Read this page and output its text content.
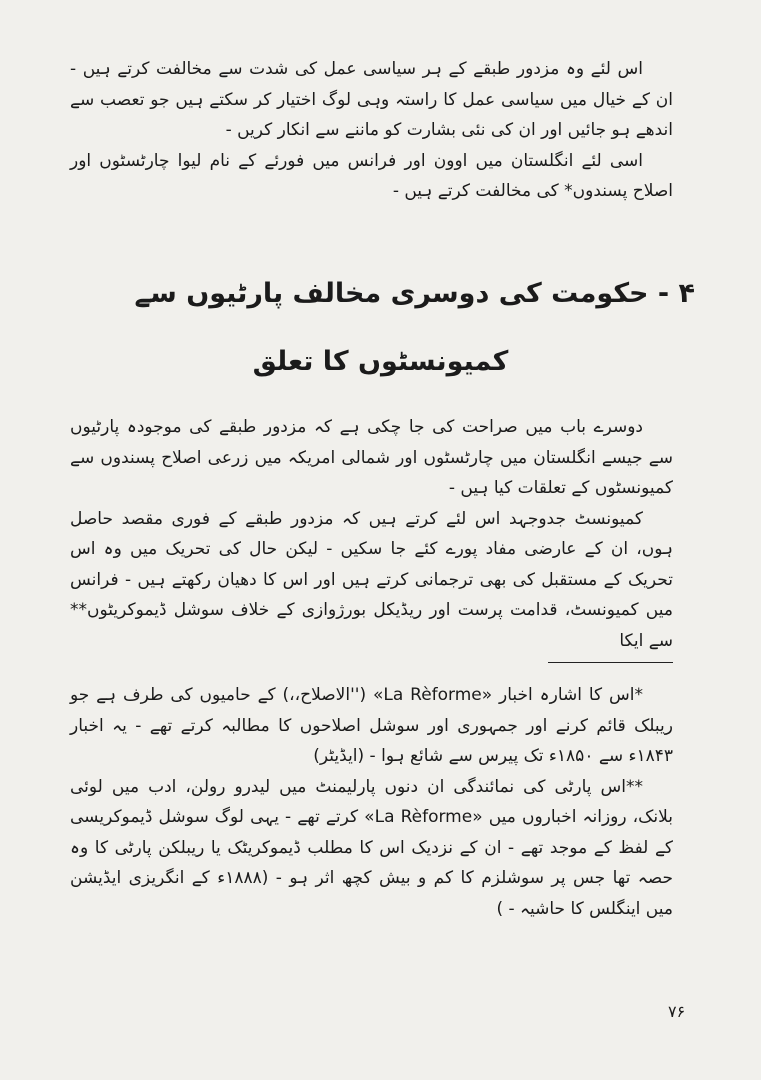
اس لئے وہ مزدور طبقے کے ہر سیاسی عمل کی شدت سے مخالفت کرتے ہیں - ان کے خیال میں سیاسی عمل کا راستہ وہی لوگ اختیار کر سکتے ہیں جو تعصب سے اندھے ہو جائیں اور ان کی نئی بشارت کو ماننے سے انکار کریں -

اسی لئے انگلستان میں اوون اور فرانس میں فورئے کے نام لیوا چارٹسٹوں اور اصلاح پسندوں* کی مخالفت کرتے ہیں -

۴ - حکومت کی دوسری مخالف پارٹیوں سے
کمیونسٹوں کا تعلق

دوسرے باب میں صراحت کی جا چکی ہے کہ مزدور طبقے کی موجودہ پارٹیوں سے جیسے انگلستان میں چارٹسٹوں اور شمالی امریکہ میں زرعی اصلاح پسندوں سے کمیونسٹوں کے تعلقات کیا ہیں -

کمیونسٹ جدوجہد اس لئے کرتے ہیں کہ مزدور طبقے کے فوری مقصد حاصل ہوں، ان کے عارضی مفاد پورے کئے جا سکیں - لیکن حال کی تحریک میں وہ اس تحریک کے مستقبل کی بھی ترجمانی کرتے ہیں اور اس کا دھیان رکھتے ہیں - فرانس میں کمیونسٹ، قدامت پرست اور ریڈیکل بورژوازی کے خلاف سوشل ڈیموکریٹوں** سے ایکا

*اس کا اشارہ اخبار «La Rèforme» (''الاصلاح،،) کے حامیوں کی طرف ہے جو ریبلک قائم کرنے اور جمہوری اور سوشل اصلاحوں کا مطالبہ کرتے تھے - یہ اخبار ۱۸۴۳ء سے ۱۸۵۰ء تک پیرس سے شائع ہوا - (ایڈیٹر)

**اس پارٹی کی نمائندگی ان دنوں پارلیمنٹ میں لیدرو رولن، ادب میں لوئی بلانک، روزانہ اخباروں میں «La Rèforme» کرتے تھے - یہی لوگ سوشل ڈیموکریسی کے لفظ کے موجد تھے - ان کے نزدیک اس کا مطلب ڈیموکریٹک یا ریبلکن پارٹی کا وہ حصہ تھا جس پر سوشلزم کا کم و بیش کچھ اثر ہو - (۱۸۸۸ء کے انگریزی ایڈیشن میں اینگلس کا حاشیہ - )

۷۶
